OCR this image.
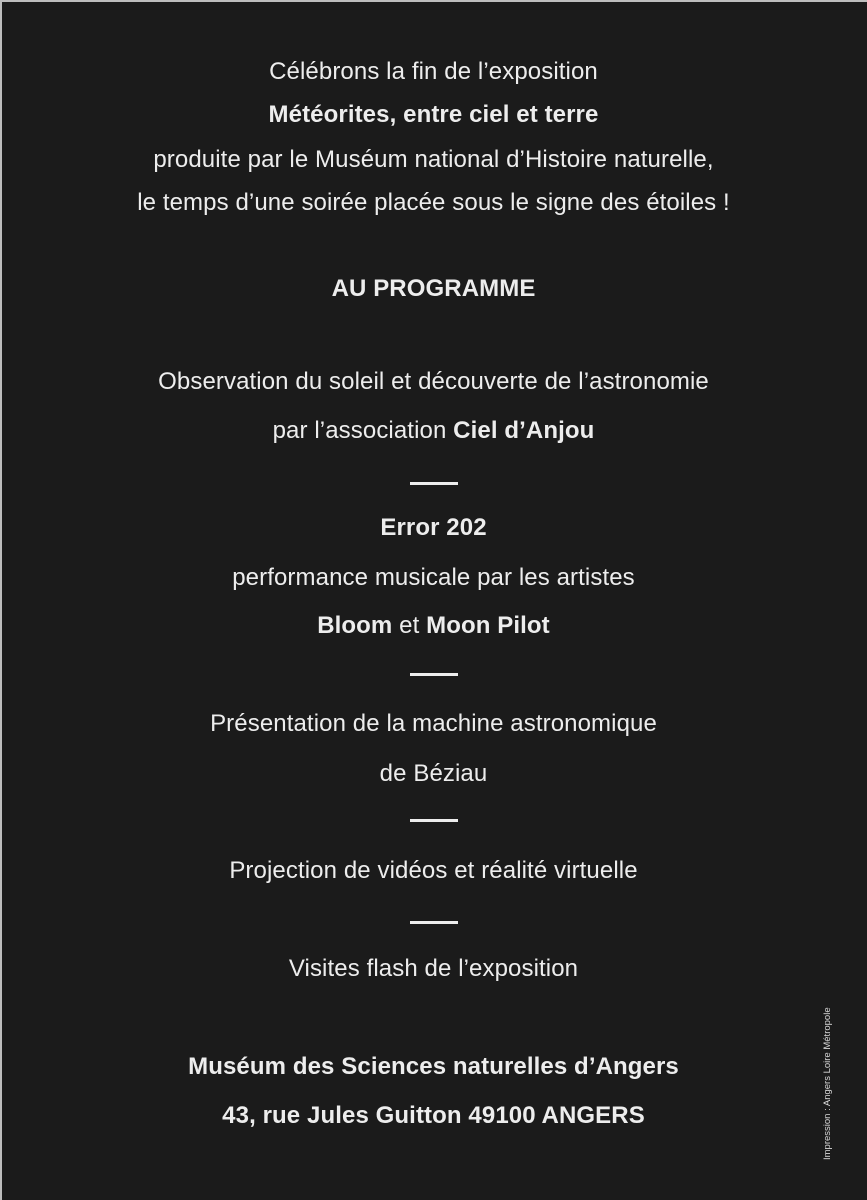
Célébrons la fin de l’exposition
Météorites, entre ciel et terre
produite par le Muséum national d’Histoire naturelle,
le temps d’une soirée placée sous le signe des étoiles !
AU PROGRAMME
Observation du soleil et découverte de l’astronomie
par l’association Ciel d’Anjou
Error 202
performance musicale par les artistes
Bloom et Moon Pilot
Présentation de la machine astronomique
de Béziau
Projection de vidéos et réalité virtuelle
Visites flash de l’exposition
Muséum des Sciences naturelles d’Angers
43, rue Jules Guitton 49100 ANGERS	Impression : Angers Loire Métropole
